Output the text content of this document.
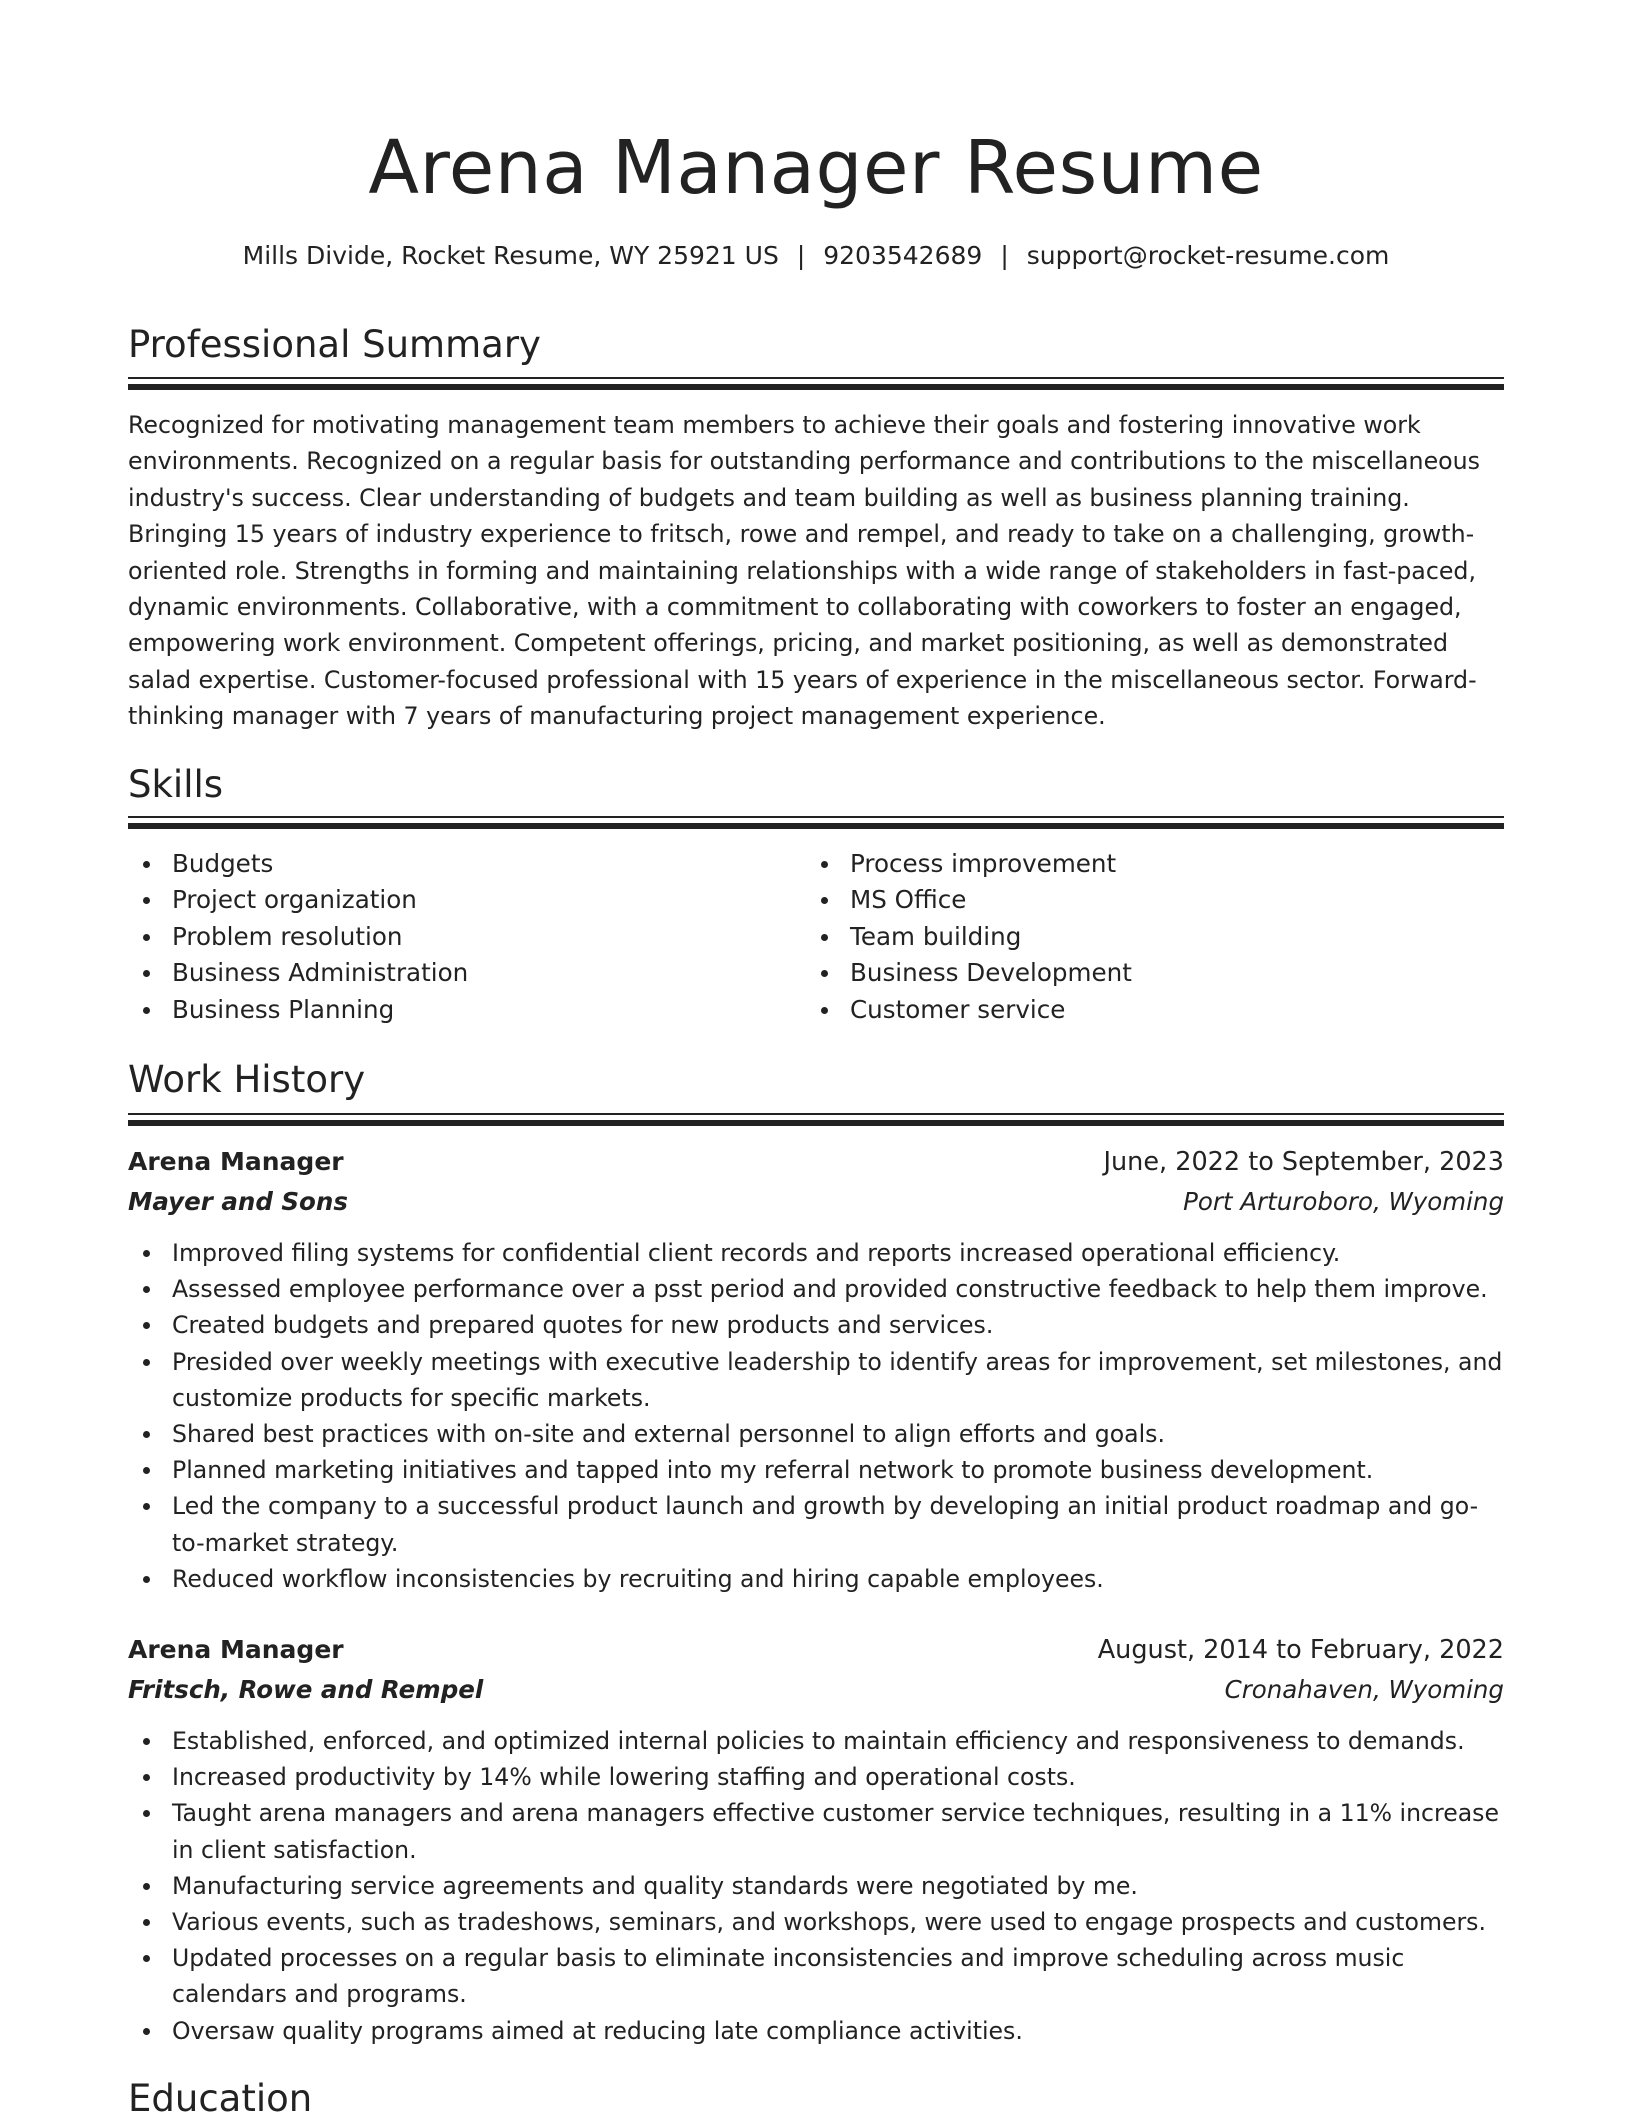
Arena Manager Resume
Mills Divide, Rocket Resume, WY 25921 US | 9203542689 | support@rocket-resume.com
Professional Summary

Recognized for motivating management team members to achieve their goals and fostering innovative work environments. Recognized on a regular basis for outstanding performance and contributions to the miscellaneous industry's success. Clear understanding of budgets and team building as well as business planning training. Bringing 15 years of industry experience to fritsch, rowe and rempel, and ready to take on a challenging, growth-oriented role. Strengths in forming and maintaining relationships with a wide range of stakeholders in fast-paced, dynamic environments. Collaborative, with a commitment to collaborating with coworkers to foster an engaged, empowering work environment. Competent offerings, pricing, and market positioning, as well as demonstrated salad expertise. Customer-focused professional with 15 years of experience in the miscellaneous sector. Forward-thinking manager with 7 years of manufacturing project management experience.

Skills
Budgets
Project organization
Problem resolution
Business Administration
Business Planning
Process improvement
MS Office
Team building
Business Development
Customer service
Work History
Arena Manager	June, 2022 to September, 2023
Mayer and Sons	Port Arturoboro, Wyoming
Improved filing systems for confidential client records and reports increased operational efficiency.
Assessed employee performance over a psst period and provided constructive feedback to help them improve.
Created budgets and prepared quotes for new products and services.
Presided over weekly meetings with executive leadership to identify areas for improvement, set milestones, and customize products for specific markets.
Shared best practices with on-site and external personnel to align efforts and goals.
Planned marketing initiatives and tapped into my referral network to promote business development.
Led the company to a successful product launch and growth by developing an initial product roadmap and go-to-market strategy.
Reduced workflow inconsistencies by recruiting and hiring capable employees.
Arena Manager	August, 2014 to February, 2022
Fritsch, Rowe and Rempel	Cronahaven, Wyoming
Established, enforced, and optimized internal policies to maintain efficiency and responsiveness to demands.
Increased productivity by 14% while lowering staffing and operational costs.
Taught arena managers and arena managers effective customer service techniques, resulting in a 11% increase in client satisfaction.
Manufacturing service agreements and quality standards were negotiated by me.
Various events, such as tradeshows, seminars, and workshops, were used to engage prospects and customers.
Updated processes on a regular basis to eliminate inconsistencies and improve scheduling across music calendars and programs.
Oversaw quality programs aimed at reducing late compliance activities.
Education
